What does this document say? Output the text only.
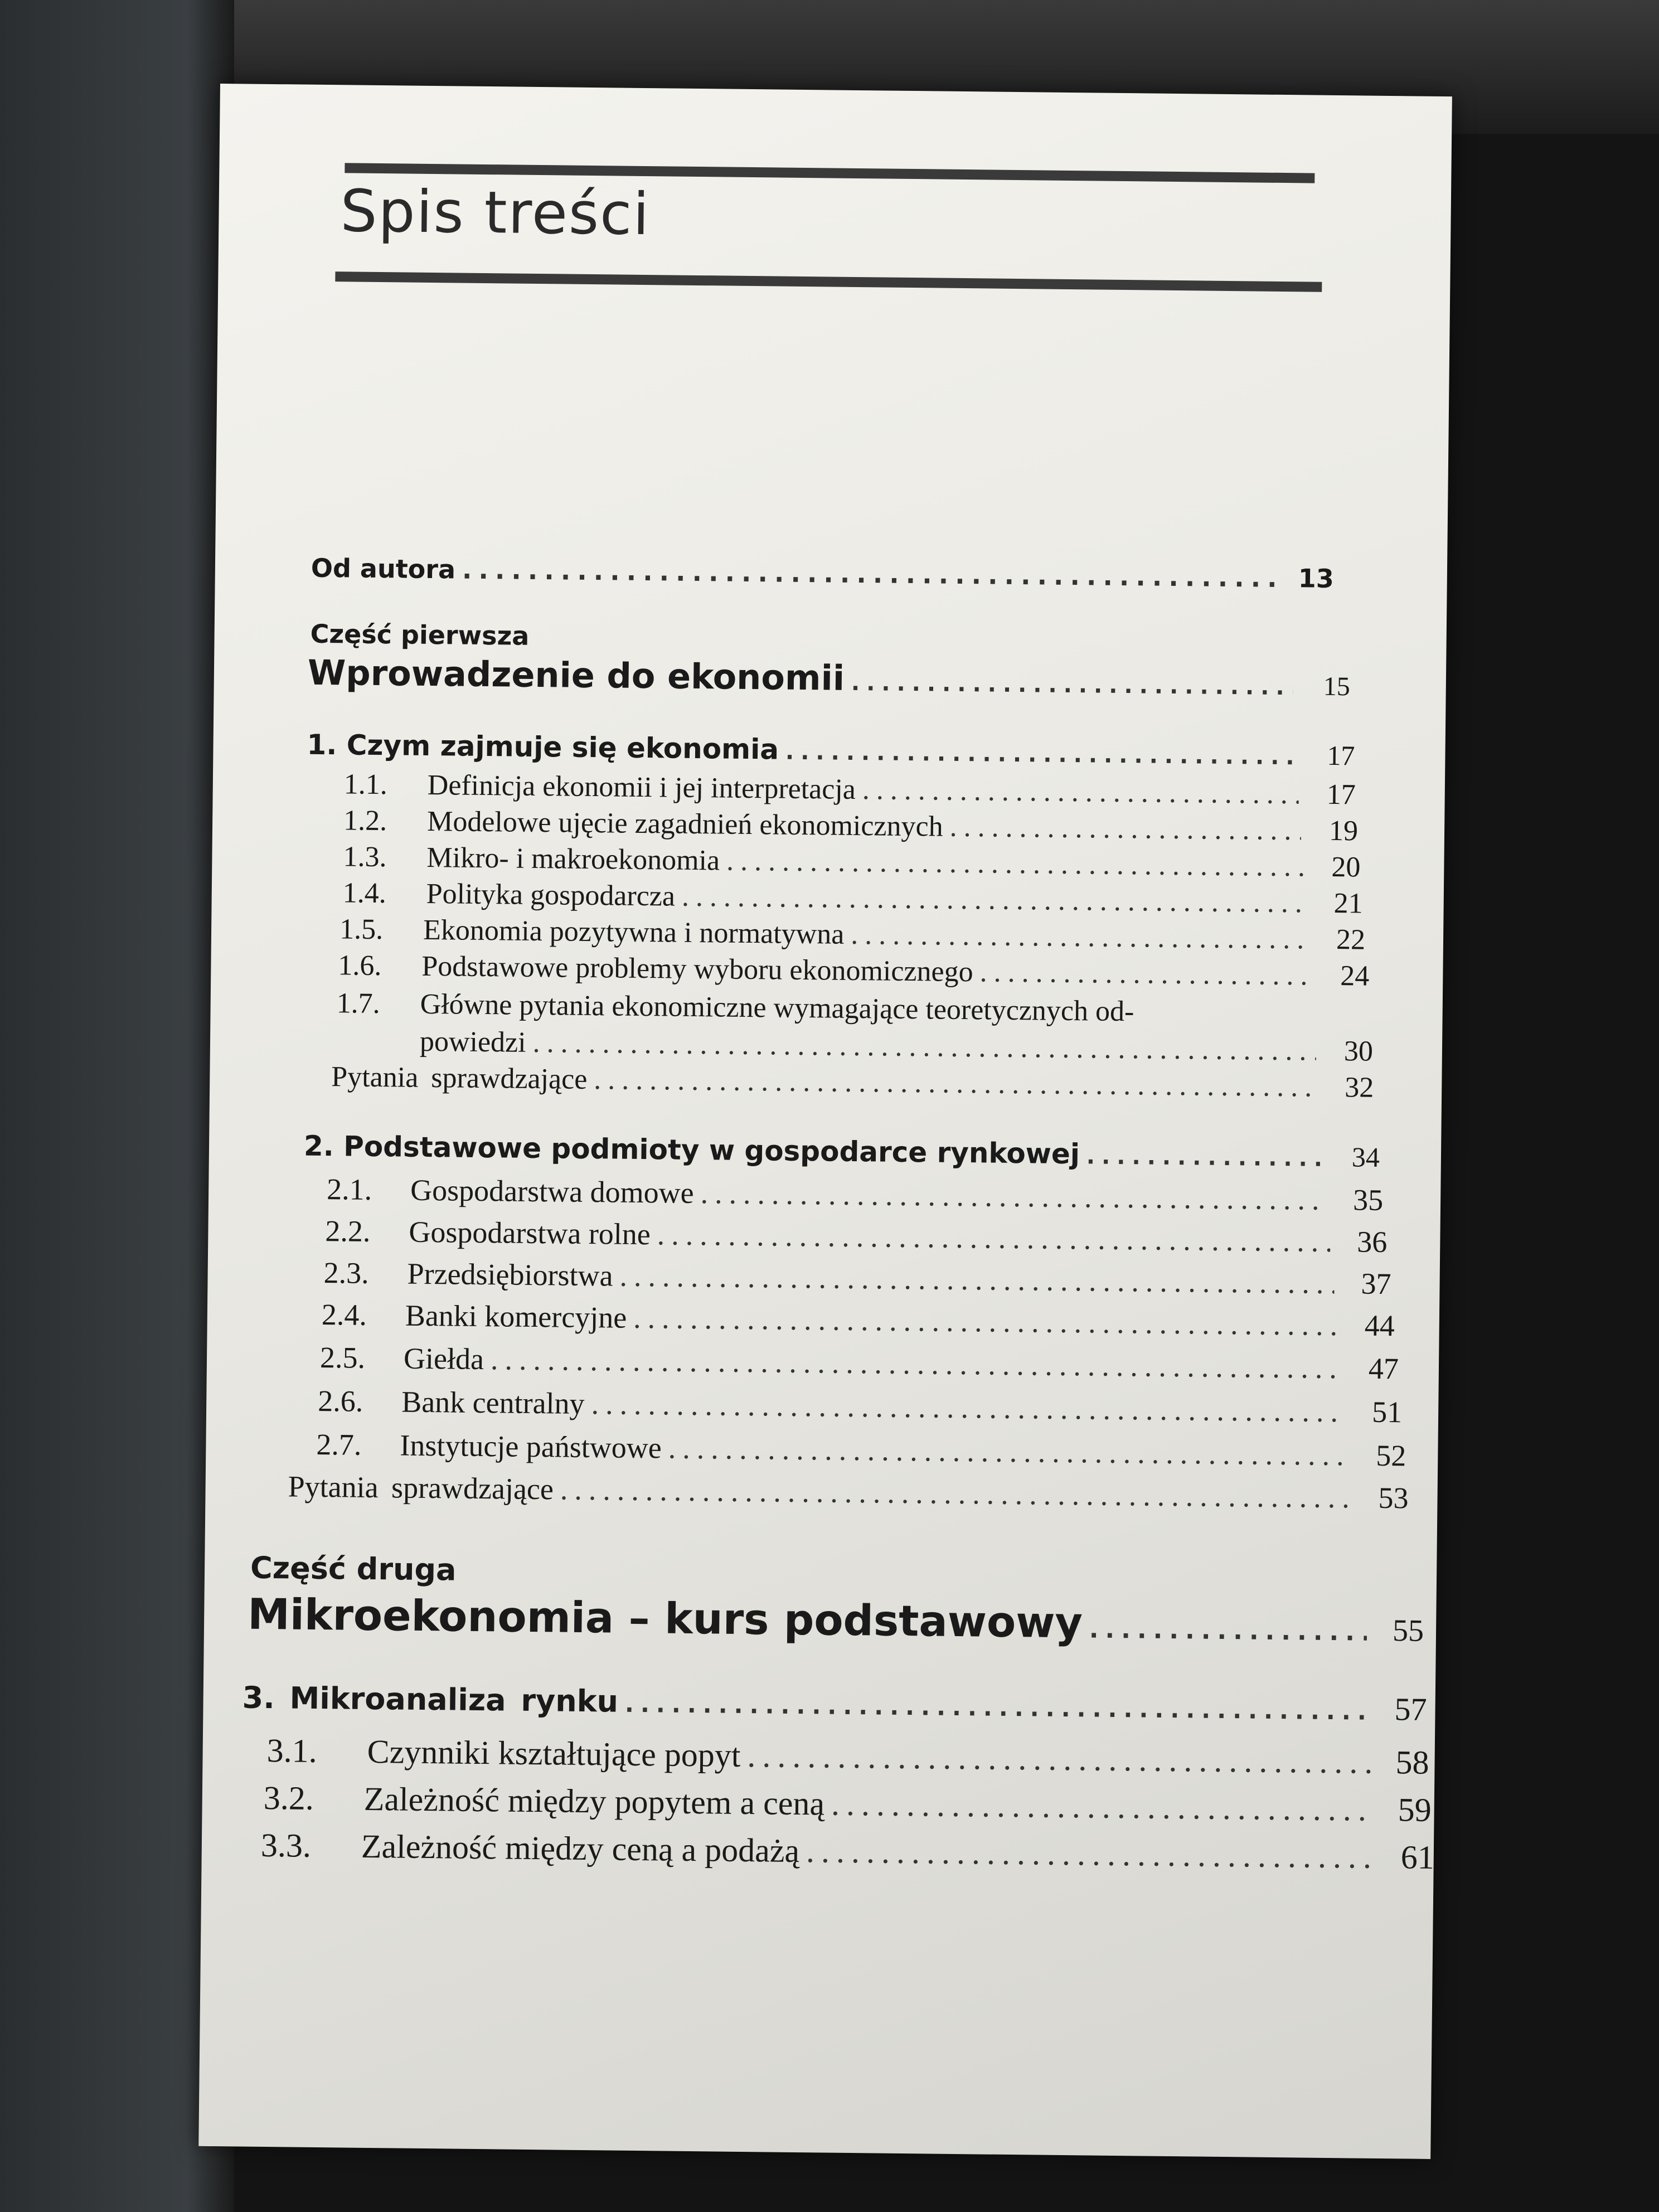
Spis treści
Od autora .....	13
Część pierwsza
Wprowadzenie do ekonomii .....	15
1. Czym zajmuje się ekonomia .....	17
1.1.	Definicja ekonomii i jej interpretacja .....	17
1.2.	Modelowe ujęcie zagadnień ekonomicznych .....	19
1.3.	Mikro- i makroekonomia .....	20
1.4.	Polityka gospodarcza .....	21
1.5.	Ekonomia pozytywna i normatywna .....	22
1.6.	Podstawowe problemy wyboru ekonomicznego .....	24
1.7. Główne pytania ekonomiczne wymagające teoretycznych od-
powiedzi .....	30
Pytania sprawdzające .....	32
2. Podstawowe podmioty w gospodarce rynkowej .....	34
2.1.	Gospodarstwa domowe .....	35
2.2.	Gospodarstwa rolne .....	36
2.3.	Przedsiębiorstwa .....	37
2.4.	Banki komercyjne .....	44
2.5.	Giełda .....	47
2.6.	Bank centralny .....	51
2.7.	Instytucje państwowe .....	52
Pytania sprawdzające .....	53
Część druga
Mikroekonomia – kurs podstawowy .....	55
3. Mikroanaliza rynku .....	57
3.1.	Czynniki kształtujące popyt .....	58
3.2.	Zależność między popytem a ceną .....	59
3.3.	Zależność między ceną a podażą .....	61
